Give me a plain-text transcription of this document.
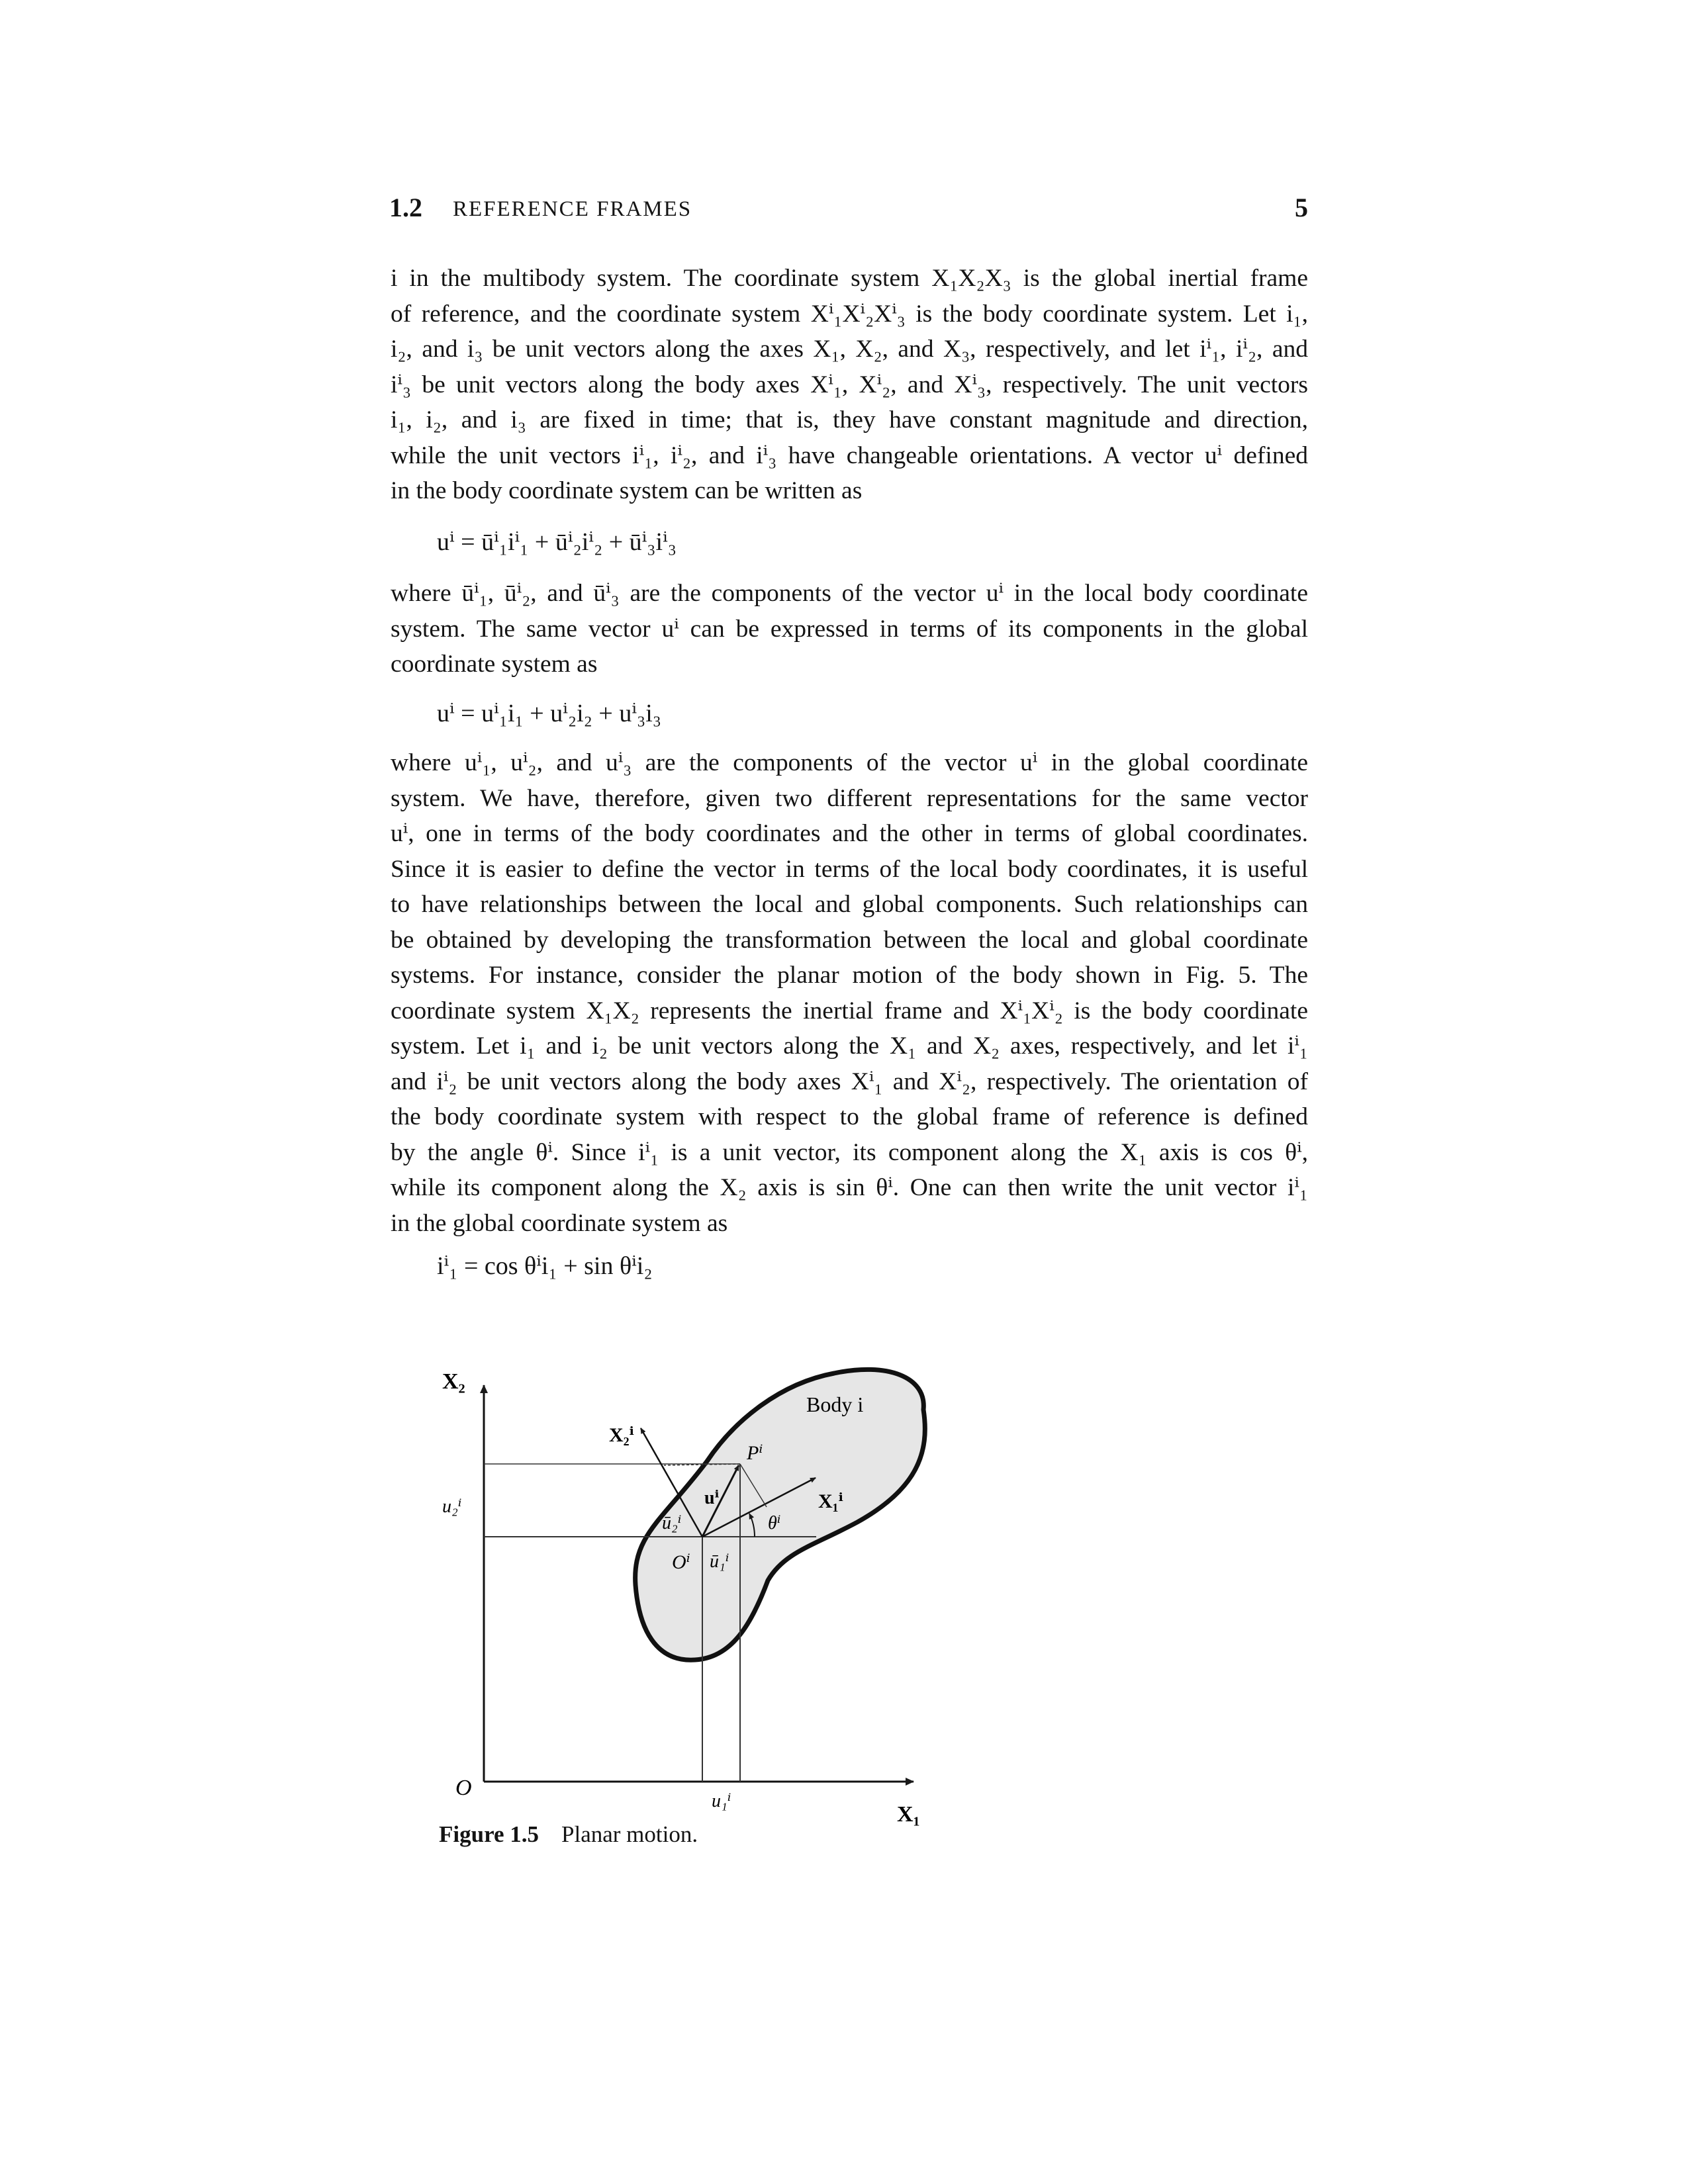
1.2 REFERENCE FRAMES	5

i in the multibody system. The coordinate system X₁X₂X₃ is the global inertial frame

of reference, and the coordinate system Xⁱ₁Xⁱ₂Xⁱ₃ is the body coordinate system. Let i₁,

i₂, and i₃ be unit vectors along the axes X₁, X₂, and X₃, respectively, and let iⁱ₁, iⁱ₂, and

iⁱ₃ be unit vectors along the body axes Xⁱ₁, Xⁱ₂, and Xⁱ₃, respectively. The unit vectors

i₁, i₂, and i₃ are fixed in time; that is, they have constant magnitude and direction,

while the unit vectors iⁱ₁, iⁱ₂, and iⁱ₃ have changeable orientations. A vector uⁱ defined

in the body coordinate system can be written as

uⁱ = ūⁱ₁iⁱ₁ + ūⁱ₂iⁱ₂ + ūⁱ₃iⁱ₃

where ūⁱ₁, ūⁱ₂, and ūⁱ₃ are the components of the vector uⁱ in the local body coordinate

system. The same vector uⁱ can be expressed in terms of its components in the global

coordinate system as

uⁱ = uⁱ₁i₁ + uⁱ₂i₂ + uⁱ₃i₃

where uⁱ₁, uⁱ₂, and uⁱ₃ are the components of the vector uⁱ in the global coordinate

system. We have, therefore, given two different representations for the same vector

uⁱ, one in terms of the body coordinates and the other in terms of global coordinates.

Since it is easier to define the vector in terms of the local body coordinates, it is useful

to have relationships between the local and global components. Such relationships can

be obtained by developing the transformation between the local and global coordinate

systems. For instance, consider the planar motion of the body shown in Fig. 5. The

coordinate system X₁X₂ represents the inertial frame and Xⁱ₁Xⁱ₂ is the body coordinate

system. Let i₁ and i₂ be unit vectors along the X₁ and X₂ axes, respectively, and let iⁱ₁

and iⁱ₂ be unit vectors along the body axes Xⁱ₁ and Xⁱ₂, respectively. The orientation of

the body coordinate system with respect to the global frame of reference is defined

by the angle θⁱ. Since iⁱ₁ is a unit vector, its component along the X₁ axis is cos θⁱ,

while its component along the X₂ axis is sin θⁱ. One can then write the unit vector iⁱ₁

in the global coordinate system as

iⁱ₁ = cos θⁱi₁ + sin θⁱi₂
X₂
X₁
O
Body i
X₂ⁱ
X₁ⁱ
Pⁱ
uⁱ
Oⁱ ū₁ⁱ
ū₂ⁱ	θⁱ
u₂ⁱ
u₁ⁱ
Figure 1.5 Planar motion.
